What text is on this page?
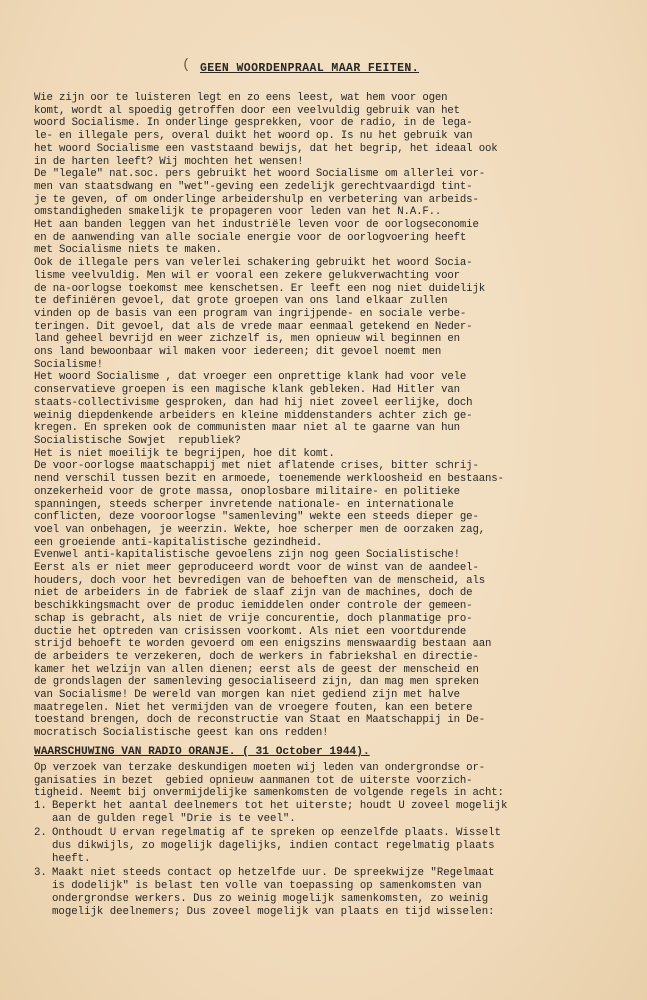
( GEEN WOORDENPRAAL MAAR FEITEN.

Wie zijn oor te luisteren legt en zo eens leest, wat hem voor ogen
komt, wordt al spoedig getroffen door een veelvuldig gebruik van het
woord Socialisme. In onderlinge gesprekken, voor de radio, in de lega-
le- en illegale pers, overal duikt het woord op. Is nu het gebruik van
het woord Socialisme een vaststaand bewijs, dat het begrip, het ideaal ook
in de harten leeft? Wij mochten het wensen!

De "legale" nat.soc. pers gebruikt het woord Socialisme om allerlei vor-
men van staatsdwang en "wet"-geving een zedelijk gerechtvaardigd tint-
je te geven, of om onderlinge arbeidershulp en verbetering van arbeids-
omstandigheden smakelijk te propageren voor leden van het N.A.F..
Het aan banden leggen van het industriële leven voor de oorlogseconomie
en de aanwending van alle sociale energie voor de oorlogvoering heeft
met Socialisme niets te maken.

Ook de illegale pers van velerlei schakering gebruikt het woord Socia-
lisme veelvuldig. Men wil er vooral een zekere gelukverwachting voor
de na-oorlogse toekomst mee kenschetsen. Er leeft een nog niet duidelijk
te definiëren gevoel, dat grote groepen van ons land elkaar zullen
vinden op de basis van een program van ingrijpende- en sociale verbe-
teringen. Dit gevoel, dat als de vrede maar eenmaal getekend en Neder-
land geheel bevrijd en weer zichzelf is, men opnieuw wil beginnen en
ons land bewoonbaar wil maken voor iedereen; dit gevoel noemt men
Socialisme!

Het woord Socialisme , dat vroeger een onprettige klank had voor vele
conservatieve groepen is een magische klank gebleken. Had Hitler van
staats-collectivisme gesproken, dan had hij niet zoveel eerlijke, doch
weinig diepdenkende arbeiders en kleine middenstanders achter zich ge-
kregen. En spreken ook de communisten maar niet al te gaarne van hun
Socialistische Sowjet  republiek?

Het is niet moeilijk te begrijpen, hoe dit komt.

De voor-oorlogse maatschappij met niet aflatende crises, bitter schrij-
nend verschil tussen bezit en armoede, toenemende werkloosheid en bestaans-
onzekerheid voor de grote massa, onoplosbare militaire- en politieke
spanningen, steeds scherper invretende nationale- en internationale
conflicten, deze vooroorlogse "samenleving" wekte een steeds dieper ge-
voel van onbehagen, je weerzin. Wekte, hoe scherper men de oorzaken zag,
een groeiende anti-kapitalistische gezindheid.

Evenwel anti-kapitalistische gevoelens zijn nog geen Socialistische!
Eerst als er niet meer geproduceerd wordt voor de winst van de aandeel-
houders, doch voor het bevredigen van de behoeften van de menscheid, als
niet de arbeiders in de fabriek de slaaf zijn van de machines, doch de
beschikkingsmacht over de produc iemiddelen onder controle der gemeen-
schap is gebracht, als niet de vrije concurentie, doch planmatige pro-
ductie het optreden van crisissen voorkomt. Als niet een voortdurende
strijd behoeft te worden gevoerd om een enigszins menswaardig bestaan aan
de arbeiders te verzekeren, doch de werkers in fabriekshal en directie-
kamer het welzijn van allen dienen; eerst als de geest der menscheid en
de grondslagen der samenleving gesocialiseerd zijn, dan mag men spreken
van Socialisme! De wereld van morgen kan niet gediend zijn met halve
maatregelen. Niet het vermijden van de vroegere fouten, kan een betere
toestand brengen, doch de reconstructie van Staat en Maatschappij in De-
mocratisch Socialistische geest kan ons redden!

WAARSCHUWING VAN RADIO ORANJE. ( 31 October 1944).

Op verzoek van terzake deskundigen moeten wij leden van ondergrondse or-
ganisaties in bezet  gebied opnieuw aanmanen tot de uiterste voorzich-
tigheid. Neemt bij onvermijdelijke samenkomsten de volgende regels in acht:

1. Beperkt het aantal deelnemers tot het uiterste; houdt U zoveel mogelijk
aan de gulden regel "Drie is te veel".
2. Onthoudt U ervan regelmatig af te spreken op eenzelfde plaats. Wisselt
dus dikwijls, zo mogelijk dagelijks, indien contact regelmatig plaats
heeft.
3. Maakt niet steeds contact op hetzelfde uur. De spreekwijze "Regelmaat
is dodelijk" is belast ten volle van toepassing op samenkomsten van
ondergrondse werkers. Dus zo weinig mogelijk samenkomsten, zo weinig
mogelijk deelnemers; Dus zoveel mogelijk van plaats en tijd wisselen:
